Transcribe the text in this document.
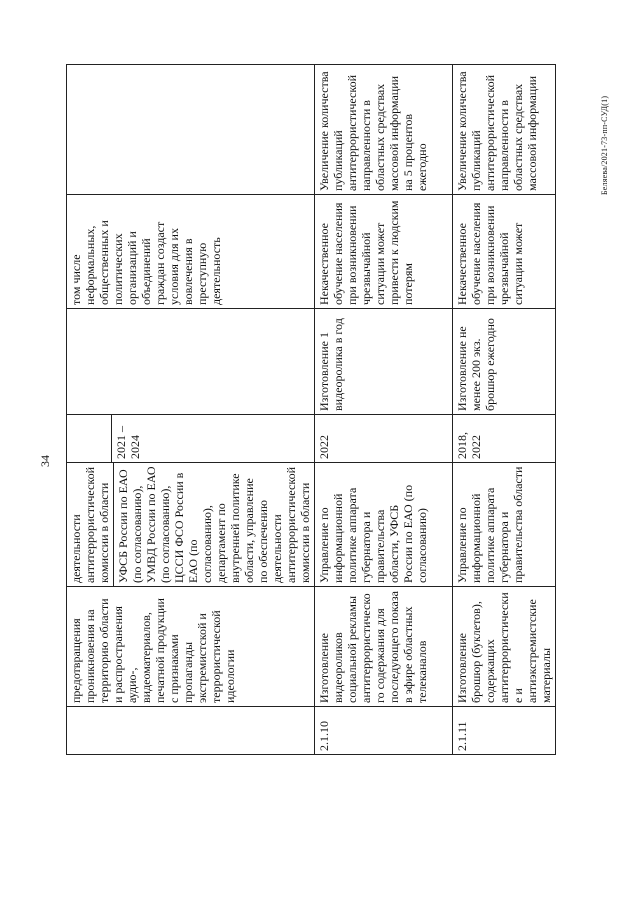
34
	предотвращения проникновения на территорию области и распространения аудио-, видеоматериалов, печатной продукции с признаками пропаганды экстремистской и террористической идеологии	деятельности антитеррористической комиссии в области УФСБ России по ЕАО (по согласованию), УМВД России по ЕАО (по согласованию), ЦССИ ФСО России в ЕАО (по согласованию), департамент по внутренней политике области, управление по обеспечению деятельности антитеррористической комиссии в области	2021 – 2024		том числе неформальных, общественных и политических организаций и объединений граждан создаст условия для их вовлечения в преступную деятельность	
2.1.10	Изготовление видеороликов социальной рекламы антитеррористического содержания для последующего показа в эфире областных телеканалов	Управление по информационной политике аппарата губернатора и правительства области, УФСБ России по ЕАО (по согласованию)	2022	Изготовление 1 видеоролика в год	Некачественное обучение населения при возникновении чрезвычайной ситуации может привести к людским потерям	Увеличение количества публикаций антитеррористической направленности в областных средствах массовой информации на 5 процентов ежегодно
2.1.11	Изготовление брошюр (буклетов), содержащих антитеррористические и антиэкстремистские материалы	Управление по информационной политике аппарата губернатора и правительства области	2018, 2022	Изготовление не менее 200 экз. брошюр ежегодно	Некачественное обучение населения при возникновении чрезвычайной ситуации может	Увеличение количества публикаций антитеррористической направленности в областных средствах массовой информации	Беляева/2021-73-пп-СУД(1)
